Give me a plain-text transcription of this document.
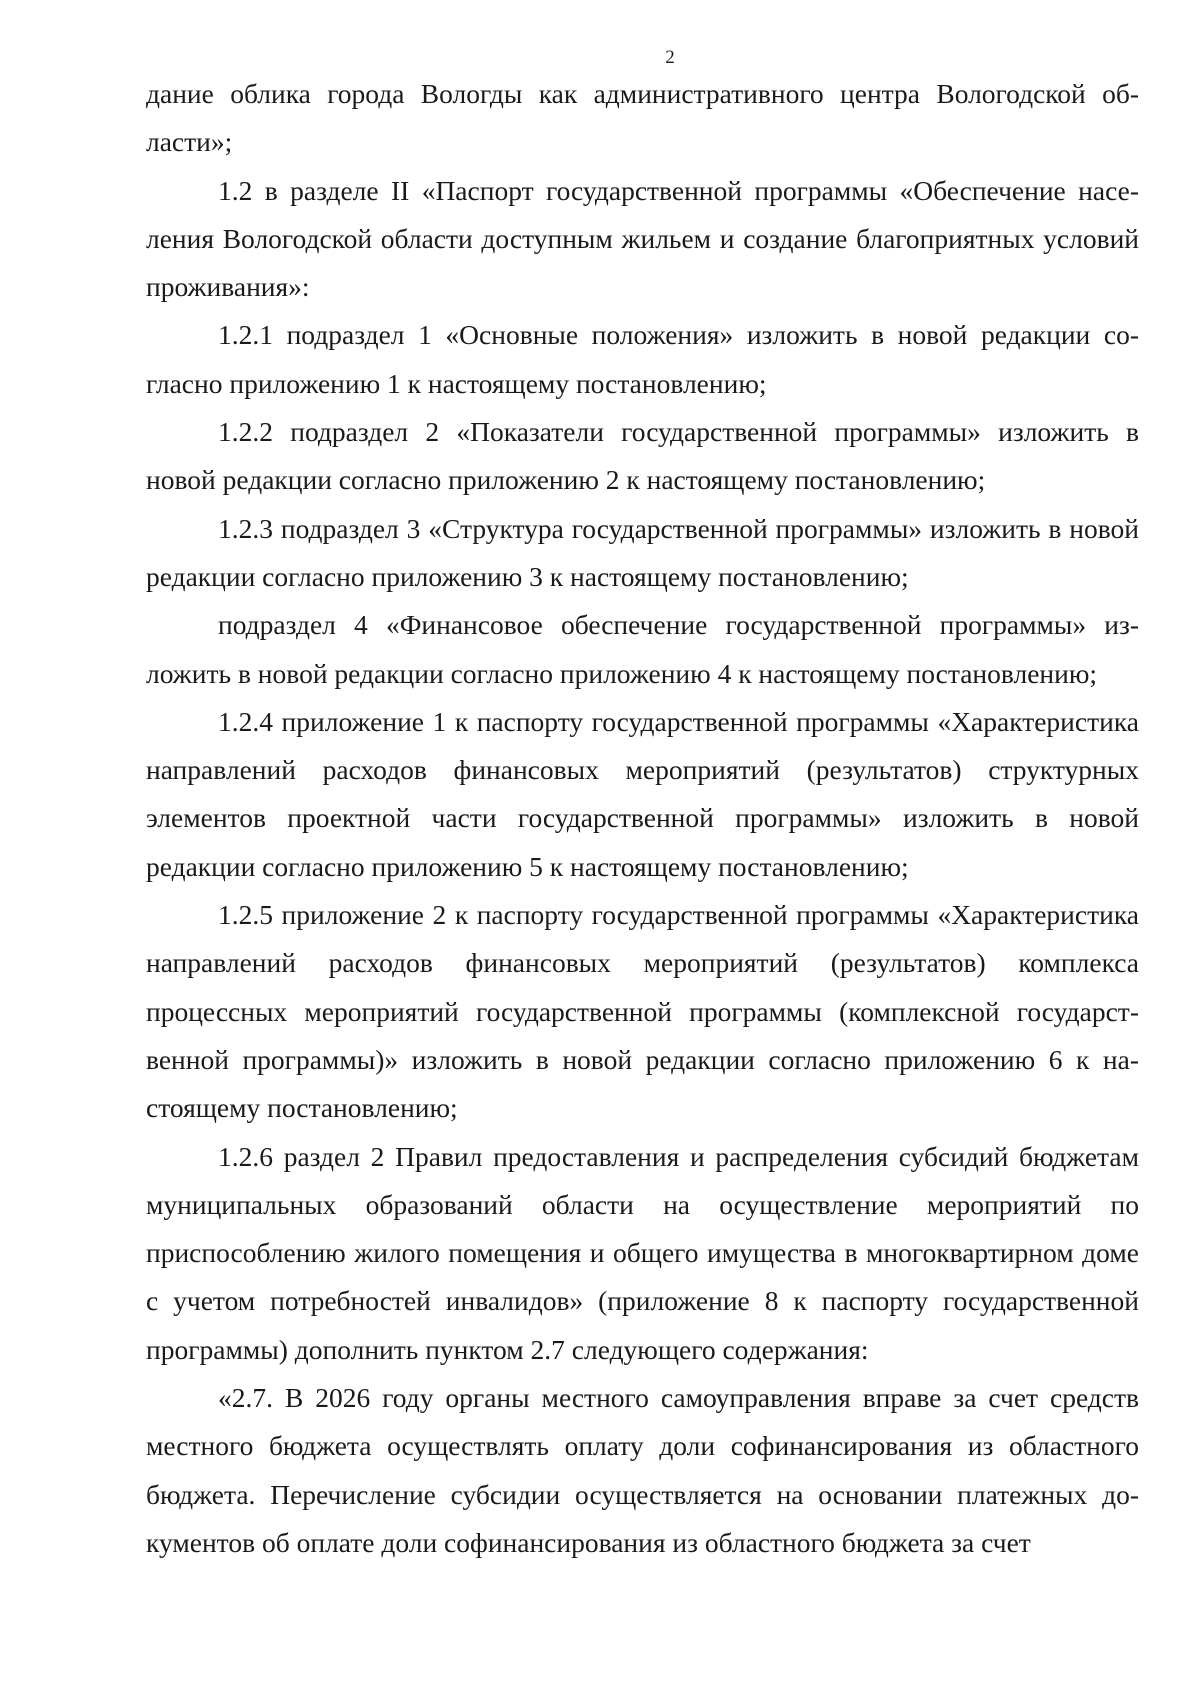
2

дание облика города Вологды как административного центра Вологодской области»;

1.2 в разделе II «Паспорт государственной программы «Обеспечение населения Вологодской области доступным жильем и создание благоприятных условий проживания»:

1.2.1 подраздел 1 «Основные положения» изложить в новой редакции согласно приложению 1 к настоящему постановлению;

1.2.2 подраздел 2 «Показатели государственной программы» изложить в новой редакции согласно приложению 2 к настоящему постановлению;

1.2.3 подраздел 3 «Структура государственной программы» изложить в новой редакции согласно приложению 3 к настоящему постановлению;

подраздел 4 «Финансовое обеспечение государственной программы» изложить в новой редакции согласно приложению 4 к настоящему постановлению;

1.2.4 приложение 1 к паспорту государственной программы «Характеристика направлений расходов финансовых мероприятий (результатов) структурных элементов проектной части государственной программы» изложить в новой редакции согласно приложению 5 к настоящему постановлению;

1.2.5 приложение 2 к паспорту государственной программы «Характеристика направлений расходов финансовых мероприятий (результатов) комплекса процессных мероприятий государственной программы (комплексной государственной программы)» изложить в новой редакции согласно приложению 6 к настоящему постановлению;

1.2.6 раздел 2 Правил предоставления и распределения субсидий бюджетам муниципальных образований области на осуществление мероприятий по приспособлению жилого помещения и общего имущества в многоквартирном доме с учетом потребностей инвалидов» (приложение 8 к паспорту государственной программы) дополнить пунктом 2.7 следующего содержания:

«2.7. В 2026 году органы местного самоуправления вправе за счет средств местного бюджета осуществлять оплату доли софинансирования из областного бюджета. Перечисление субсидии осуществляется на основании платежных документов об оплате доли софинансирования из областного бюджета за счет
